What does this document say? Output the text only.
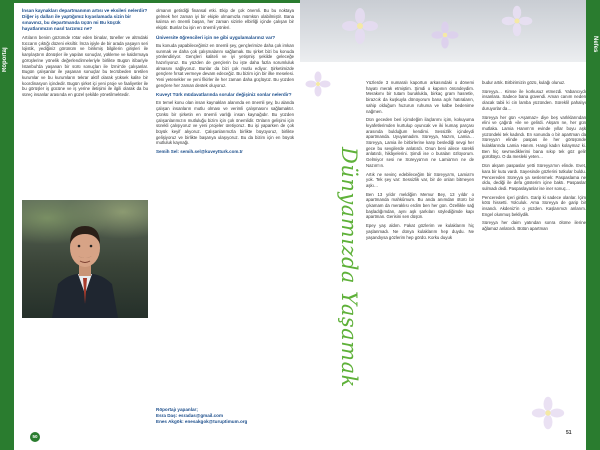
Röportaj

İnsan kaynakları departmanının artısı ve eksileri nelerdir? Diğer iş dalları ile yaptığımız kıyaslamada sizin bir sınavınız, bu departmanda üçün mi Bu küçük hayatlarımızın nasıl tarzımız ne?

Artıların benim gözümde rötar eden binalar, tüneller ve altmdaki tüccarın çıktığı düzeni eksiltir. İmza işiyle de bir arada yaşayın seri lojistik, yediğiniz görünüm ve birikmiş bilgilerin girişleri ile karşılaştırın dönüşler ile yapılan sonuçlar, yükleme ve kaldırmaya görüşlerine yönelik değerlendirmeleriyle birlikte Bugün itibariyle İstanbul’da yaşanan bir sürü sonuçları ile İzmir’de çalışanlar. Bugün çalışanlar ile yaşanan sonuçlar bu tecrübeden üretilen kurumlar ve bu kurumların tekrar aktif olarak yüksek kalite bir koordinasyon içindedir. Bugün şirket içi yeni proje ve faaliyetler ile bu görüşler iş gücüne ve iş yerine iletişimi ile ilgili olarak da bu süreç insanlar arasında en güzel şekilde yönetilmektedir.

olmanın getirdiği finansal etki. Ekip de çok önemli. Bu bu noktaya gelmek her zaman iyi bir ekiple olmamızla mümkün olabilmiştir. Bana kalırsa en önemli başarı, her zaman sizinle elbirliği içinde çalışan bir ekiptir. Bunlar bu işin en önemli yönleri.

Üniversite öğrencileri için ne gibi uygulamalarınız var?

Bu konuda yapabileceğimiz en önemli şey, gençlerimize daha çok imkan sunmak ve daha çok çalışmalarını sağlamak. Bu şirket bizi bu konuda yönlendiriyor. Gençleri kaliteli ve iyi yetişmiş şekilde geleceğe hazırlıyoruz. Bu yüzden de gençlerin bu işte daha fazla sorumluluk almasını sağlıyoruz. Bunlar da bizi çok mutlu ediyor. Şirketimizde gençlere fırsat vermeye devam edeceğiz. Bu bizim için bir ilke meselesi. Yeni yetenekler ve yeni fikirler ile her zaman daha güçlüyüz. Bu yüzden gençlere her zaman destek oluyoruz.

Kuveyt Türk müdavatlarında sorular değişiniz sonlar nelerdir?

En temel konu olan insan kaynakları alanında en önemli şey, bu alanda çalışan insanların mutlu olması ve verimli çalışmasını sağlamaktır. Çünkü bir şirketin en önemli varlığı insan kaynağıdır. Bu yüzden çalışanlarımızın mutluluğu bizim için çok önemlidir. Onların gelişimi için sürekli çalışıyoruz ve yeni projeler üretiyoruz. Bu işi yaparken de çok büyük keyif alıyoruz. Çalışanlarımızla birlikte büyüyoruz, birlikte gelişiyoruz ve birlikte başarıya ulaşıyoruz. Bu da bizim için en büyük mutluluk kaynağı.

Semih Sel: semih.sel@kuveytturk.com.tr

Röportajı yapanlar;

Esra Daş: esradas@gmail.com

Enes Akgök: enesakgok@turuptimum.org

50
Nefes
Dünyamızda Yaşamak

Yüzlerde 3 numaralı kaportun arkasındaki o dönemi hayatı merak etmiştim. Şimdi o kapının önündeydim. Merakımı bir tutam buruklukla, birkaç gram hasretle, birazcık da kuşkuyla dönüyorum bana açık hatıraların, sahip olduğum huzurun ruhuma ve kalbe bedenime nağmen.

Dün geceden beri içimdeğim ilaçlarımı içim, kokuyuma kıyafetlerimden kurtulup oyuncak ve iki kumaş parçası arasında bulduğum kendimi. Sessizlik içindeydi apartmanda. Uyuyamadım. Süreyya, Nazım, Lamia… Süreyya, Lamia ile birbirlerine karşı beslediği sevgi her gece bu sevgilerde anlatırdı. Onun beni ailece sürekli anlatırdı, hikâyelerini. Şimdi ise o buraları özlüyorum. Gelmiyor sesi ne Süreyya’nın ne Lamia’nın ne de Nazım’ın.

Artık ne sevinç edebileceğim bir Süreyya’m, Lamia’m yok. Tek şey var: Sessizlik var, bir de onları bitmeyen aşkı…

Ben 13 yıldır meldiğim Memur Bey, 13 yıldır o apartmanda mahkûmum. Bu anda anımdan ötürü bir çıkamam da meraklısı erdim ben her gün. Özellikle sağ başladığımdan, aynı aşk şarkıları söylediğimde kapı apartman. Gerisini sen düşün.

Epey yaş aldım. Fakat gözlerim ve kulaklarım hiç yaşlanmadı. Ne dünya kulaklarım hep duydu. Ne yaşandıysa gözlerim hep gördü. Korku duyuk

budur artık. Birbirimizin gözü, kulağı olunuz.

Süreyya… Kimse ile korkusuz etmezdi. Yabancıydı insanlara. Sadece bana güvendi. Aman canım neden olacak tabii ki cin lamba yüzünden. Süreklil pahalıyı duruyorlar da…

Süreyya her gün «Aşamaz» diye beş varlıklarından elini ve çağırdı «ile ve gelirdi. Akşam ne, her gün mutlaka. Lamia Hanım’ın evinde yıllar boyu aşk yüzündeki tek kadındı. En sonunda o bir apartman da Süreyya’ı elinde paspas ile her görüşünde kulaklarında Lamia Hanım. Hangi kadın kolaymaz ki. Ben hiç sevmediklerimi bana sıkıp tek göz gelir gürültüyü. O da mesleki yeten…

Dün akşam paspaslar yetti Süreyya’nın elinde. Evet, kara bir kutu vardı. Sayesinde gözlerini tutkular buldu. Pencereden Süreyya ya seslenmek: Paspaslama ne oldu, dediği ile defa gösterim içine baktı. Paspaslar sulmadı dedi. Paspaslayanlar ise iner sonuç…

Pencereden içeri girdim. Garip ki sadece olanlar. İçim kötü hissetti. Yolculuk. Ama Süreyya de garip bir insandı. Akdeniz’in o yüzden. Kaşlarımızı anlarım. Engel olunmuş bekliydik.

Süreyya her daim yatından sonra ölüme ilerine ağlamaz anlatırdı. Bütün apartman

51
